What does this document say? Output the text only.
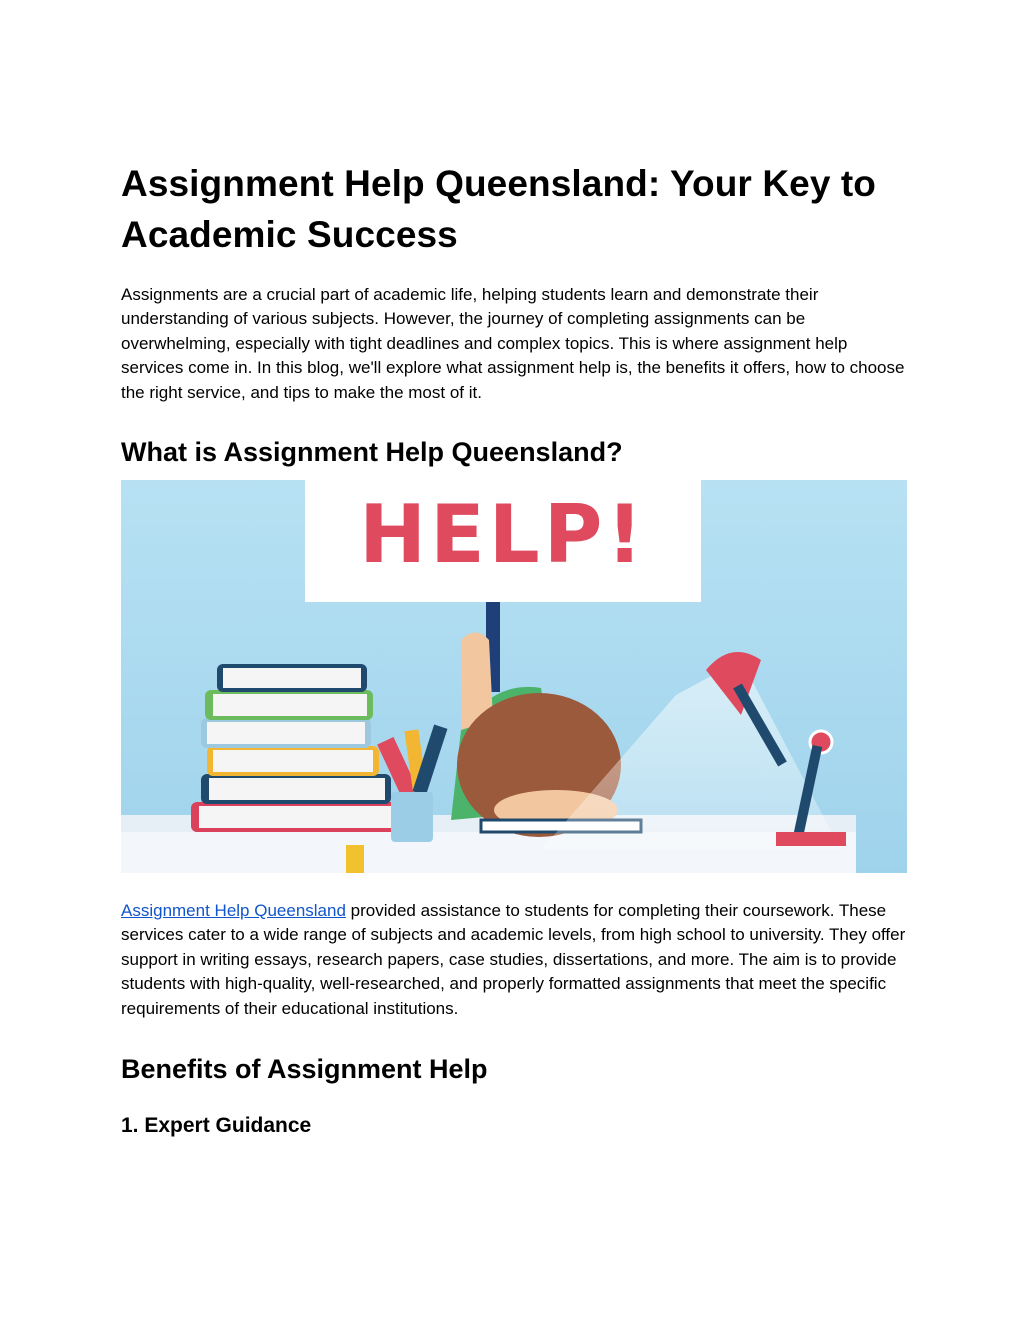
Assignment Help Queensland: Your Key to Academic Success

Assignments are a crucial part of academic life, helping students learn and demonstrate their understanding of various subjects. However, the journey of completing assignments can be overwhelming, especially with tight deadlines and complex topics. This is where assignment help services come in. In this blog, we'll explore what assignment help is, the benefits it offers, how to choose the right service, and tips to make the most of it.

What is Assignment Help Queensland?
HELP!

Assignment Help Queensland provided assistance to students for completing their coursework. These services cater to a wide range of subjects and academic levels, from high school to university. They offer support in writing essays, research papers, case studies, dissertations, and more. The aim is to provide students with high-quality, well-researched, and properly formatted assignments that meet the specific requirements of their educational institutions.

Benefits of Assignment Help
1. Expert Guidance
